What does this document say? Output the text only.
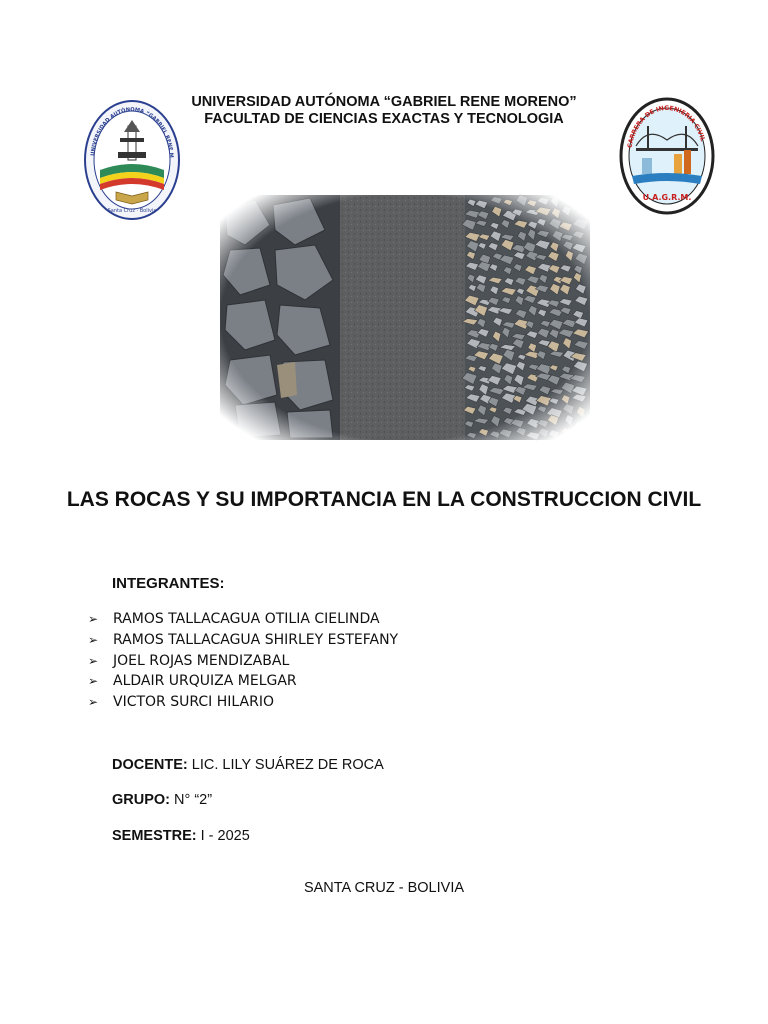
UNIVERSIDAD AUTÓNOMA “GABRIEL RENE MORENO”
FACULTAD DE CIENCIAS EXACTAS Y TECNOLOGIA
UNIVERSIDAD AUTÓNOMA “GABRIEL RENE M
Santa Cruz · Bolivia
CARRERA DE INGENIERIA CIVIL
U.A.G.R.M.
LAS ROCAS Y SU IMPORTANCIA EN LA CONSTRUCCION CIVIL
INTEGRANTES:
➢	RAMOS TALLACAGUA OTILIA CIELINDA
➢	RAMOS TALLACAGUA SHIRLEY ESTEFANY
➢	JOEL ROJAS MENDIZABAL
➢	ALDAIR URQUIZA MELGAR
➢	VICTOR SURCI HILARIO
DOCENTE: LIC. LILY SUÁREZ DE ROCA
GRUPO: N° “2”
SEMESTRE: I - 2025
SANTA CRUZ - BOLIVIA
